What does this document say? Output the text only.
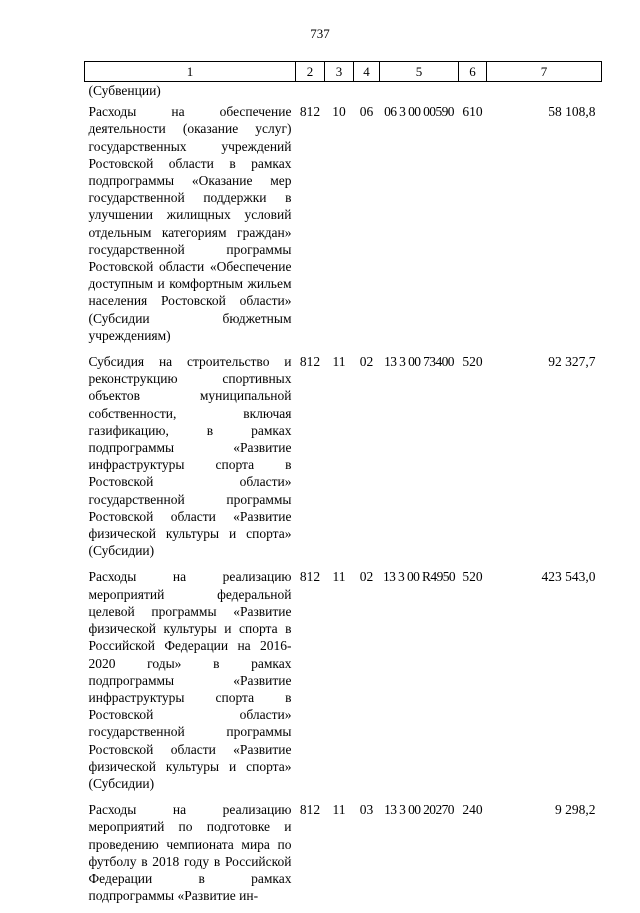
737
1	2	3	4	5	6	7
(Субвенции)						
Расходы на обеспечение деятельности (оказание услуг) государственных учреждений Ростовской области в рамках подпрограммы «Оказание мер государственной поддержки в улучшении жилищных условий отдельным категориям граждан» государственной программы Ростовской области «Обеспечение доступным и комфортным жильем населения Ростовской области» (Субсидии бюджетным учреждениям)	812	10	06	06 3 00 00590	610	58 108,8
Субсидия на строительство и реконструкцию спортивных объектов муниципальной собственности, включая газификацию, в рамках подпрограммы «Развитие инфраструктуры спорта в Ростовской области» государственной программы Ростовской области «Развитие физической культуры и спорта» (Субсидии)	812	11	02	13 3 00 73400	520	92 327,7
Расходы на реализацию мероприятий федеральной целевой программы «Развитие физической культуры и спорта в Российской Федерации на 2016-2020 годы» в рамках подпрограммы «Развитие инфраструктуры спорта в Ростовской области» государственной программы Ростовской области «Развитие физической культуры и спорта» (Субсидии)	812	11	02	13 3 00 R4950	520	423 543,0
Расходы на реализацию мероприятий по подготовке и проведению чемпионата мира по футболу в 2018 году в Российской Федерации в рамках подпрограммы «Развитие ин-	812	11	03	13 3 00 20270	240	9 298,2
